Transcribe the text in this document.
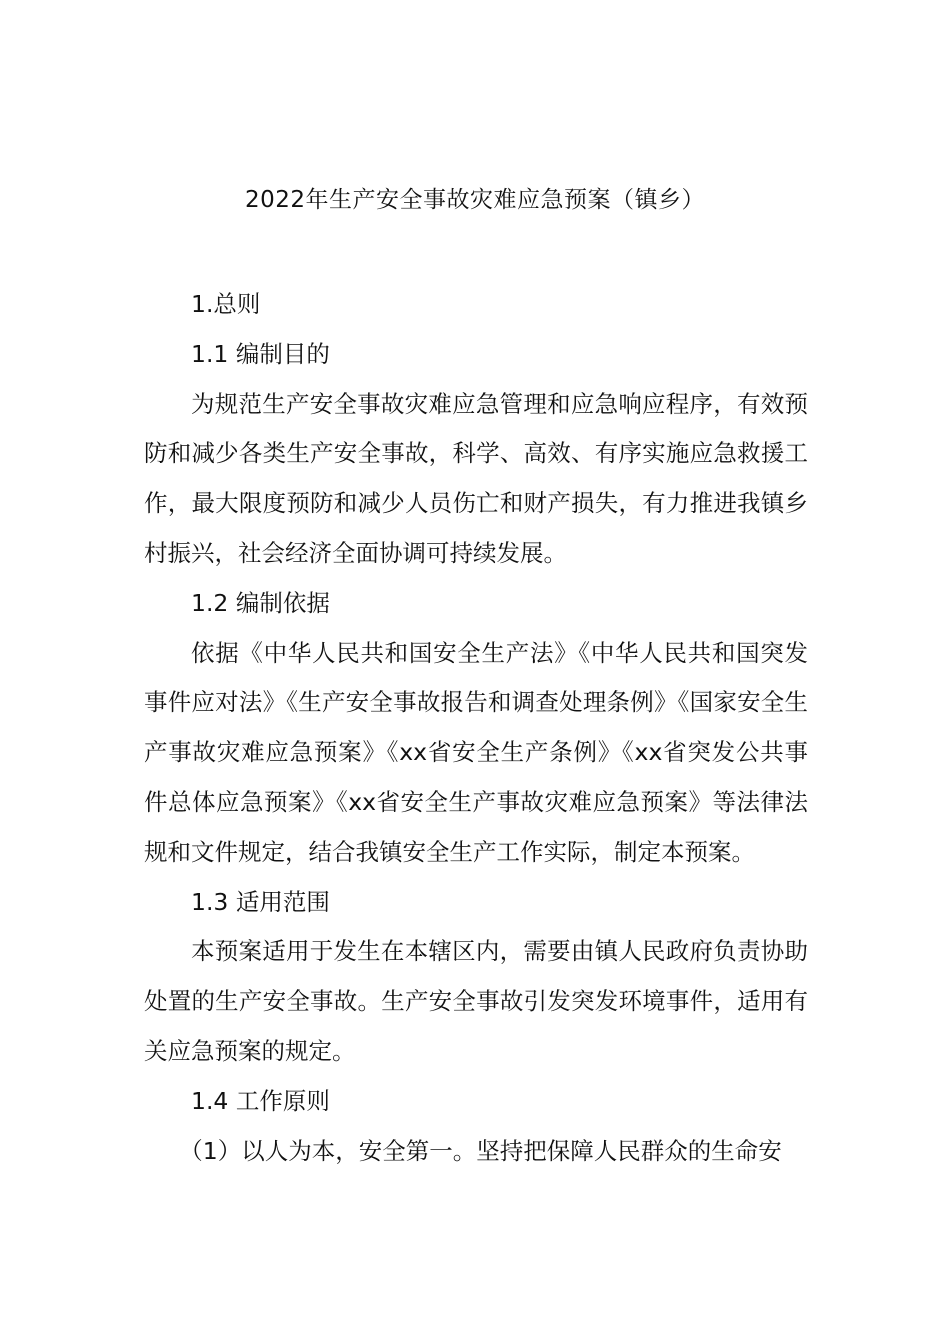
2022年生产安全事故灾难应急预案（镇乡）

1.总则

1.1 编制目的

为规范生产安全事故灾难应急管理和应急响应程序，有效预防和减少各类生产安全事故，科学、高效、有序实施应急救援工作，最大限度预防和减少人员伤亡和财产损失，有力推进我镇乡村振兴，社会经济全面协调可持续发展。

1.2 编制依据

依据《中华人民共和国安全生产法》《中华人民共和国突发事件应对法》《生产安全事故报告和调查处理条例》《国家安全生产事故灾难应急预案》《xx省安全生产条例》《xx省突发公共事件总体应急预案》《xx省安全生产事故灾难应急预案》等法律法规和文件规定，结合我镇安全生产工作实际，制定本预案。

1.3 适用范围

本预案适用于发生在本辖区内，需要由镇人民政府负责协助处置的生产安全事故。生产安全事故引发突发环境事件，适用有关应急预案的规定。

1.4 工作原则

（1）以人为本，安全第一。坚持把保障人民群众的生命安
